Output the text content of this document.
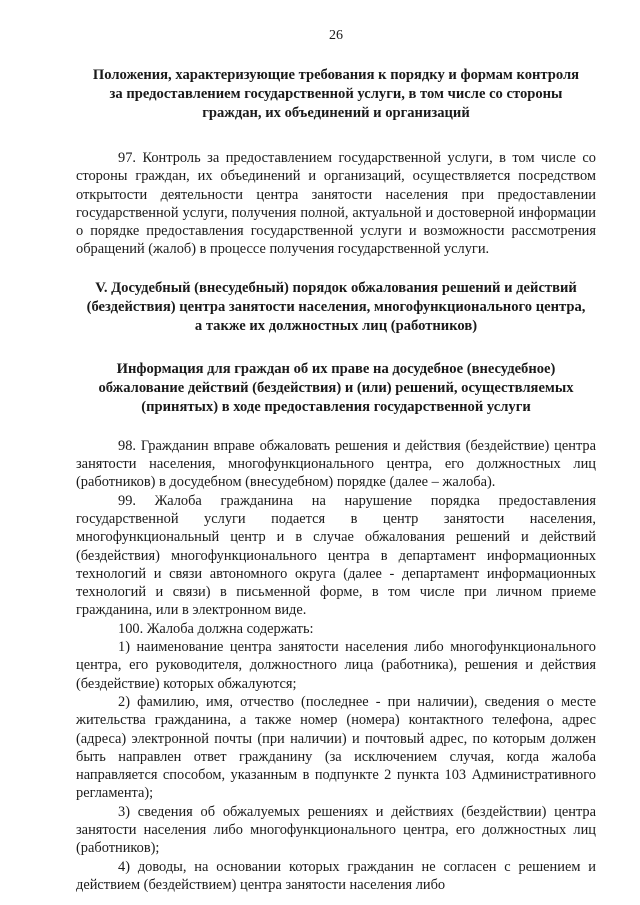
26
Положения, характеризующие требования к порядку и формам контроля
за предоставлением государственной услуги, в том числе со стороны
граждан, их объединений и организаций

97. Контроль за предоставлением государственной услуги, в том числе со стороны граждан, их объединений и организаций, осуществляется посредством открытости деятельности центра занятости населения при предоставлении государственной услуги, получения полной, актуальной и достоверной информации о порядке предоставления государственной услуги и возможности рассмотрения обращений (жалоб) в процессе получения государственной услуги.

V. Досудебный (внесудебный) порядок обжалования решений и действий
(бездействия) центра занятости населения, многофункционального центра,
а также их должностных лиц (работников)
Информация для граждан об их праве на досудебное (внесудебное)
обжалование действий (бездействия) и (или) решений, осуществляемых
(принятых) в ходе предоставления государственной услуги

98. Гражданин вправе обжаловать решения и действия (бездействие) центра занятости населения, многофункционального центра, его должностных лиц (работников) в досудебном (внесудебном) порядке (далее – жалоба).

99. Жалоба гражданина на нарушение порядка предоставления государственной услуги подается в центр занятости населения, многофункциональный центр и в случае обжалования решений и действий (бездействия) многофункционального центра в департамент информационных технологий и связи автономного округа (далее - департамент информационных технологий и связи) в письменной форме, в том числе при личном приеме гражданина, или в электронном виде.

100. Жалоба должна содержать:

1) наименование центра занятости населения либо многофункционального центра, его руководителя, должностного лица (работника), решения и действия (бездействие) которых обжалуются;

2) фамилию, имя, отчество (последнее - при наличии), сведения о месте жительства гражданина, а также номер (номера) контактного телефона, адрес (адреса) электронной почты (при наличии) и почтовый адрес, по которым должен быть направлен ответ гражданину (за исключением случая, когда жалоба направляется способом, указанным в подпункте 2 пункта 103 Административного регламента);

3) сведения об обжалуемых решениях и действиях (бездействии) центра занятости населения либо многофункционального центра, его должностных лиц (работников);

4) доводы, на основании которых гражданин не согласен с решением и действием (бездействием) центра занятости населения либо
